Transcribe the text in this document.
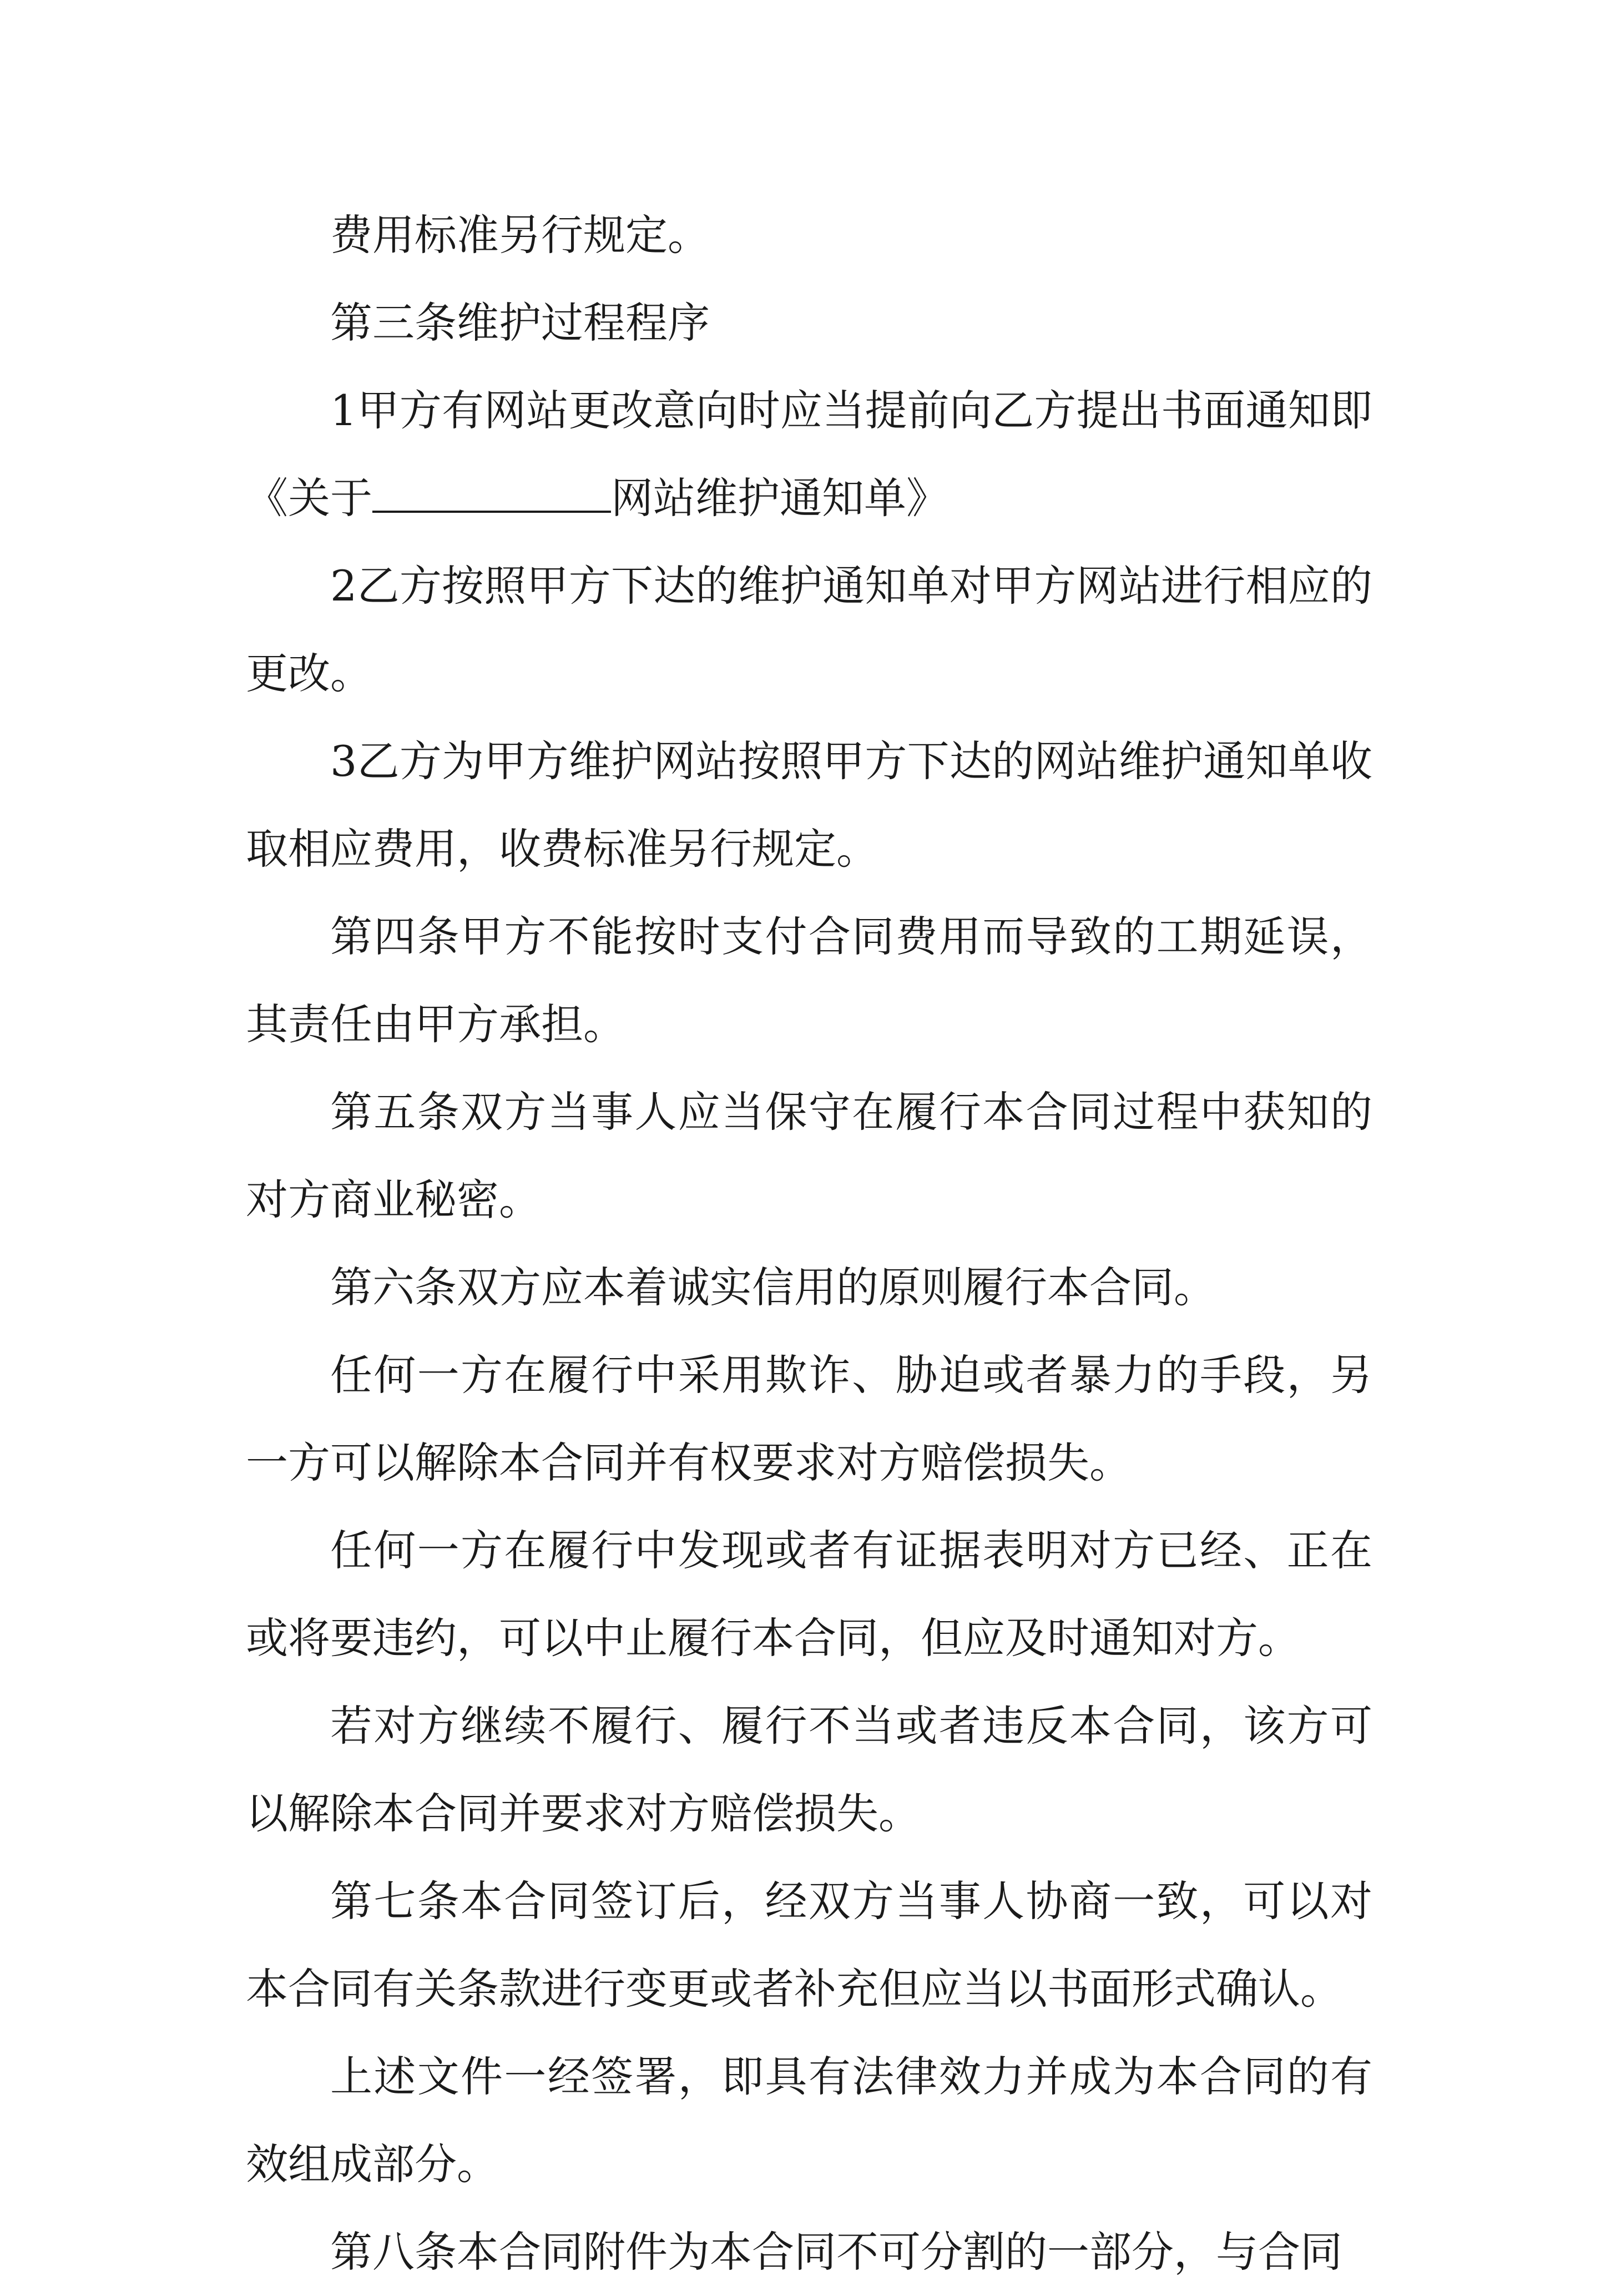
费用标准另行规定。

第三条维护过程程序

1甲方有网站更改意向时应当提前向乙方提出书面通知即《关于	网站维护通知单》

2乙方按照甲方下达的维护通知单对甲方网站进行相应的更改。

3乙方为甲方维护网站按照甲方下达的网站维护通知单收取相应费用，收费标准另行规定。

第四条甲方不能按时支付合同费用而导致的工期延误，其责任由甲方承担。

第五条双方当事人应当保守在履行本合同过程中获知的对方商业秘密。

第六条双方应本着诚实信用的原则履行本合同。

任何一方在履行中采用欺诈、胁迫或者暴力的手段，另一方可以解除本合同并有权要求对方赔偿损失。

任何一方在履行中发现或者有证据表明对方已经、正在或将要违约，可以中止履行本合同，但应及时通知对方。

若对方继续不履行、履行不当或者违反本合同，该方可以解除本合同并要求对方赔偿损失。

第七条本合同签订后，经双方当事人协商一致，可以对本合同有关条款进行变更或者补充但应当以书面形式确认。

上述文件一经签署，即具有法律效力并成为本合同的有效组成部分。

第八条本合同附件为本合同不可分割的一部分，与合同
